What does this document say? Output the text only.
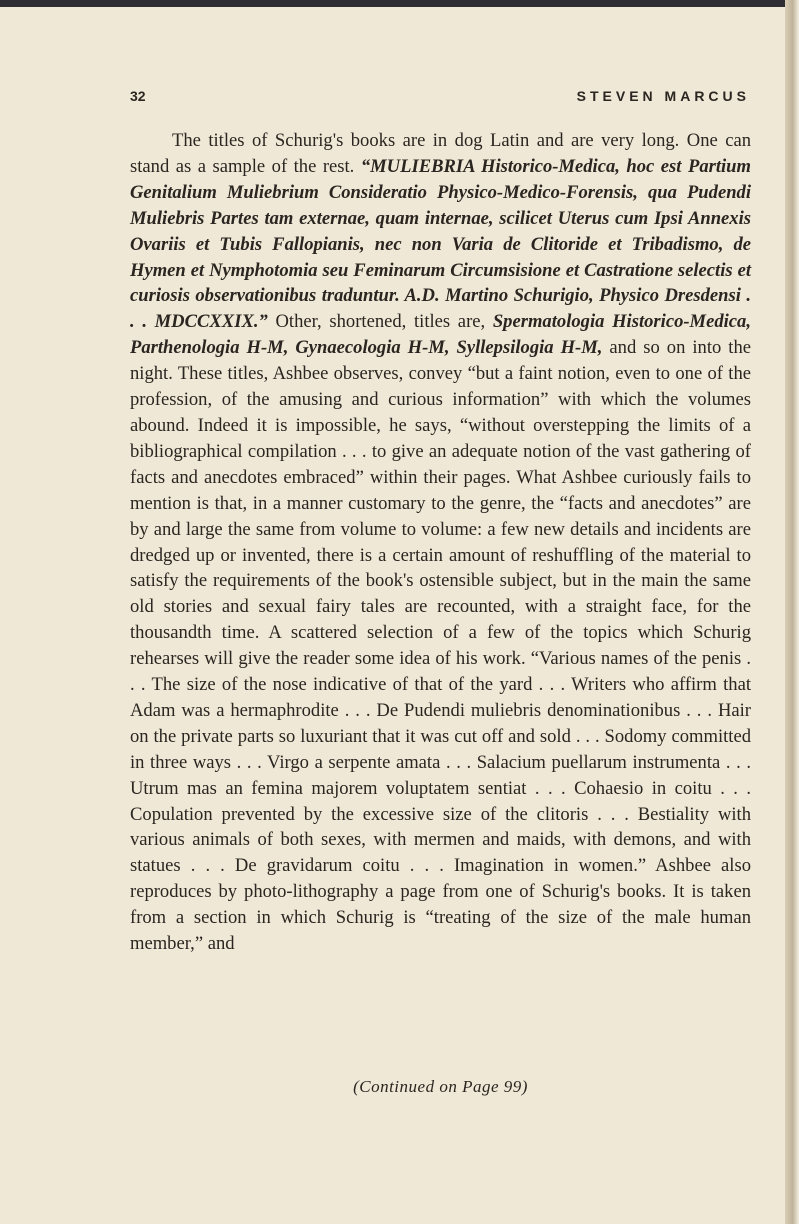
32	STEVEN MARCUS

The titles of Schurig's books are in dog Latin and are very long. One can stand as a sample of the rest. “MULIEBRIA Historico-Medica, hoc est Partium Genitalium Muliebrium Consideratio Physico-Medico-Forensis, qua Pudendi Muliebris Partes tam externae, quam internae, scilicet Uterus cum Ipsi Annexis Ovariis et Tubis Fallopianis, nec non Varia de Clitoride et Tribadismo, de Hymen et Nymphotomia seu Feminarum Circumsisione et Castratione selectis et curiosis observationibus traduntur. A.D. Martino Schurigio, Physico Dresdensi . . . MDCCXXIX.” Other, shortened, titles are, Spermatologia Historico-Medica, Parthenologia H-M, Gynaecologia H-M, Syllepsilogia H-M, and so on into the night. These titles, Ashbee observes, convey “but a faint notion, even to one of the profession, of the amusing and curious information” with which the volumes abound. Indeed it is impossible, he says, “without overstepping the limits of a bibliographical compilation . . . to give an adequate notion of the vast gathering of facts and anecdotes embraced” within their pages. What Ashbee curiously fails to mention is that, in a manner customary to the genre, the “facts and anecdotes” are by and large the same from volume to volume: a few new details and incidents are dredged up or invented, there is a certain amount of reshuffling of the material to satisfy the requirements of the book's ostensible subject, but in the main the same old stories and sexual fairy tales are recounted, with a straight face, for the thousandth time. A scattered selection of a few of the topics which Schurig rehearses will give the reader some idea of his work. “Various names of the penis . . . The size of the nose indicative of that of the yard . . . Writers who affirm that Adam was a hermaphrodite . . . De Pudendi muliebris denominationibus . . . Hair on the private parts so luxuriant that it was cut off and sold . . . Sodomy committed in three ways . . . Virgo a serpente amata . . . Salacium puellarum instrumenta . . . Utrum mas an femina majorem voluptatem sentiat . . . Cohaesio in coitu . . . Copulation prevented by the excessive size of the clitoris . . . Bestiality with various animals of both sexes, with mermen and maids, with demons, and with statues . . . De gravidarum coitu . . . Imagination in women.” Ashbee also reproduces by photo-lithography a page from one of Schurig's books. It is taken from a section in which Schurig is “treating of the size of the male human member,” and

(Continued on Page 99)
